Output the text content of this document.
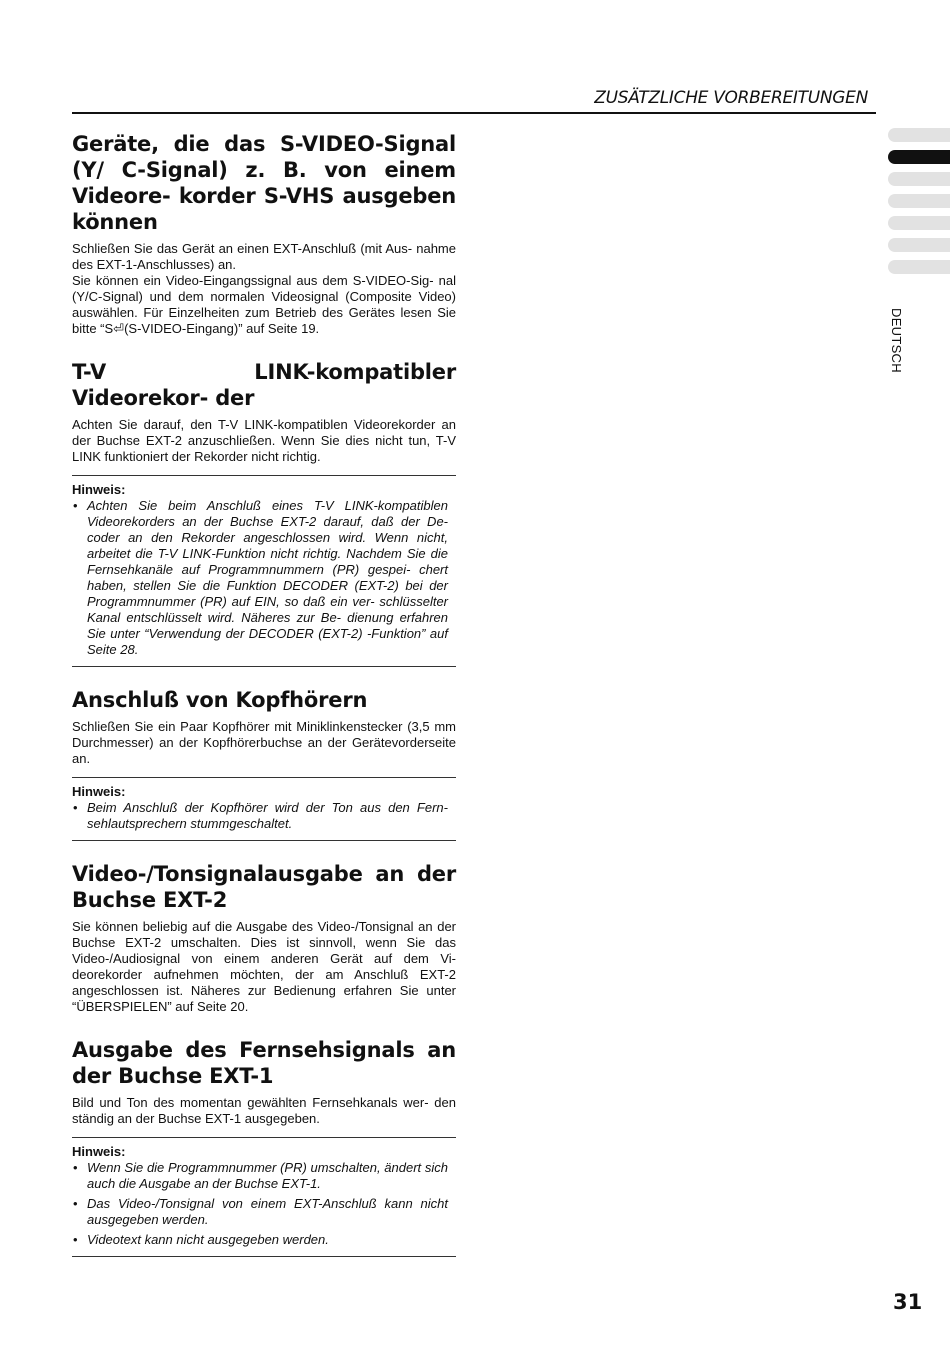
ZUSÄTZLICHE VORBEREITUNGEN
DEUTSCH
Geräte, die das S-VIDEO-Signal (Y/ C-Signal) z. B. von einem Videore- korder S-VHS ausgeben können

Schließen Sie das Gerät an einen EXT-Anschluß (mit Aus- nahme des EXT-1-Anschlusses) an.

Sie können ein Video-Eingangssignal aus dem S-VIDEO-Sig- nal (Y/C-Signal) und dem normalen Videosignal (Composite Video) auswählen. Für Einzelheiten zum Betrieb des Gerätes lesen Sie bitte “S⏎(S-VIDEO-Eingang)” auf Seite 19.

T-V LINK-kompatibler Videorekor- der

Achten Sie darauf, den T-V LINK-kompatiblen Videorekorder an der Buchse EXT-2 anzuschließen. Wenn Sie dies nicht tun, T-V LINK funktioniert der Rekorder nicht richtig.

Hinweis:

• Achten Sie beim Anschluß eines T-V LINK-kompatiblen Videorekorders an der Buchse EXT-2 darauf, daß der De- coder an den Rekorder angeschlossen wird. Wenn nicht, arbeitet die T-V LINK-Funktion nicht richtig. Nachdem Sie die Fernsehkanäle auf Programmnummern (PR) gespei- chert haben, stellen Sie die Funktion DECODER (EXT-2) bei der Programmnummer (PR) auf EIN, so daß ein ver- schlüsselter Kanal entschlüsselt wird. Näheres zur Be- dienung erfahren Sie unter “Verwendung der DECODER (EXT-2) -Funktion” auf Seite 28.
Anschluß von Kopfhörern

Schließen Sie ein Paar Kopfhörer mit Miniklinkenstecker (3,5 mm Durchmesser) an der Kopfhörerbuchse an der Gerätevorderseite an.

Hinweis:

• Beim Anschluß der Kopfhörer wird der Ton aus den Fern- sehlautsprechern stummgeschaltet.
Video-/Tonsignalausgabe an der Buchse EXT-2

Sie können beliebig auf die Ausgabe des Video-/Tonsignal an der Buchse EXT-2 umschalten. Dies ist sinnvoll, wenn Sie das Video-/Audiosignal von einem anderen Gerät auf dem Vi- deorekorder aufnehmen möchten, der am Anschluß EXT-2 angeschlossen ist. Näheres zur Bedienung erfahren Sie unter “ÜBERSPIELEN” auf Seite 20.

Ausgabe des Fernsehsignals an der Buchse EXT-1

Bild und Ton des momentan gewählten Fernsehkanals wer- den ständig an der Buchse EXT-1 ausgegeben.

Hinweis:

• Wenn Sie die Programmnummer (PR) umschalten, ändert sich auch die Ausgabe an der Buchse EXT-1.
• Das Video-/Tonsignal von einem EXT-Anschluß kann nicht ausgegeben werden.
• Videotext kann nicht ausgegeben werden.
31
